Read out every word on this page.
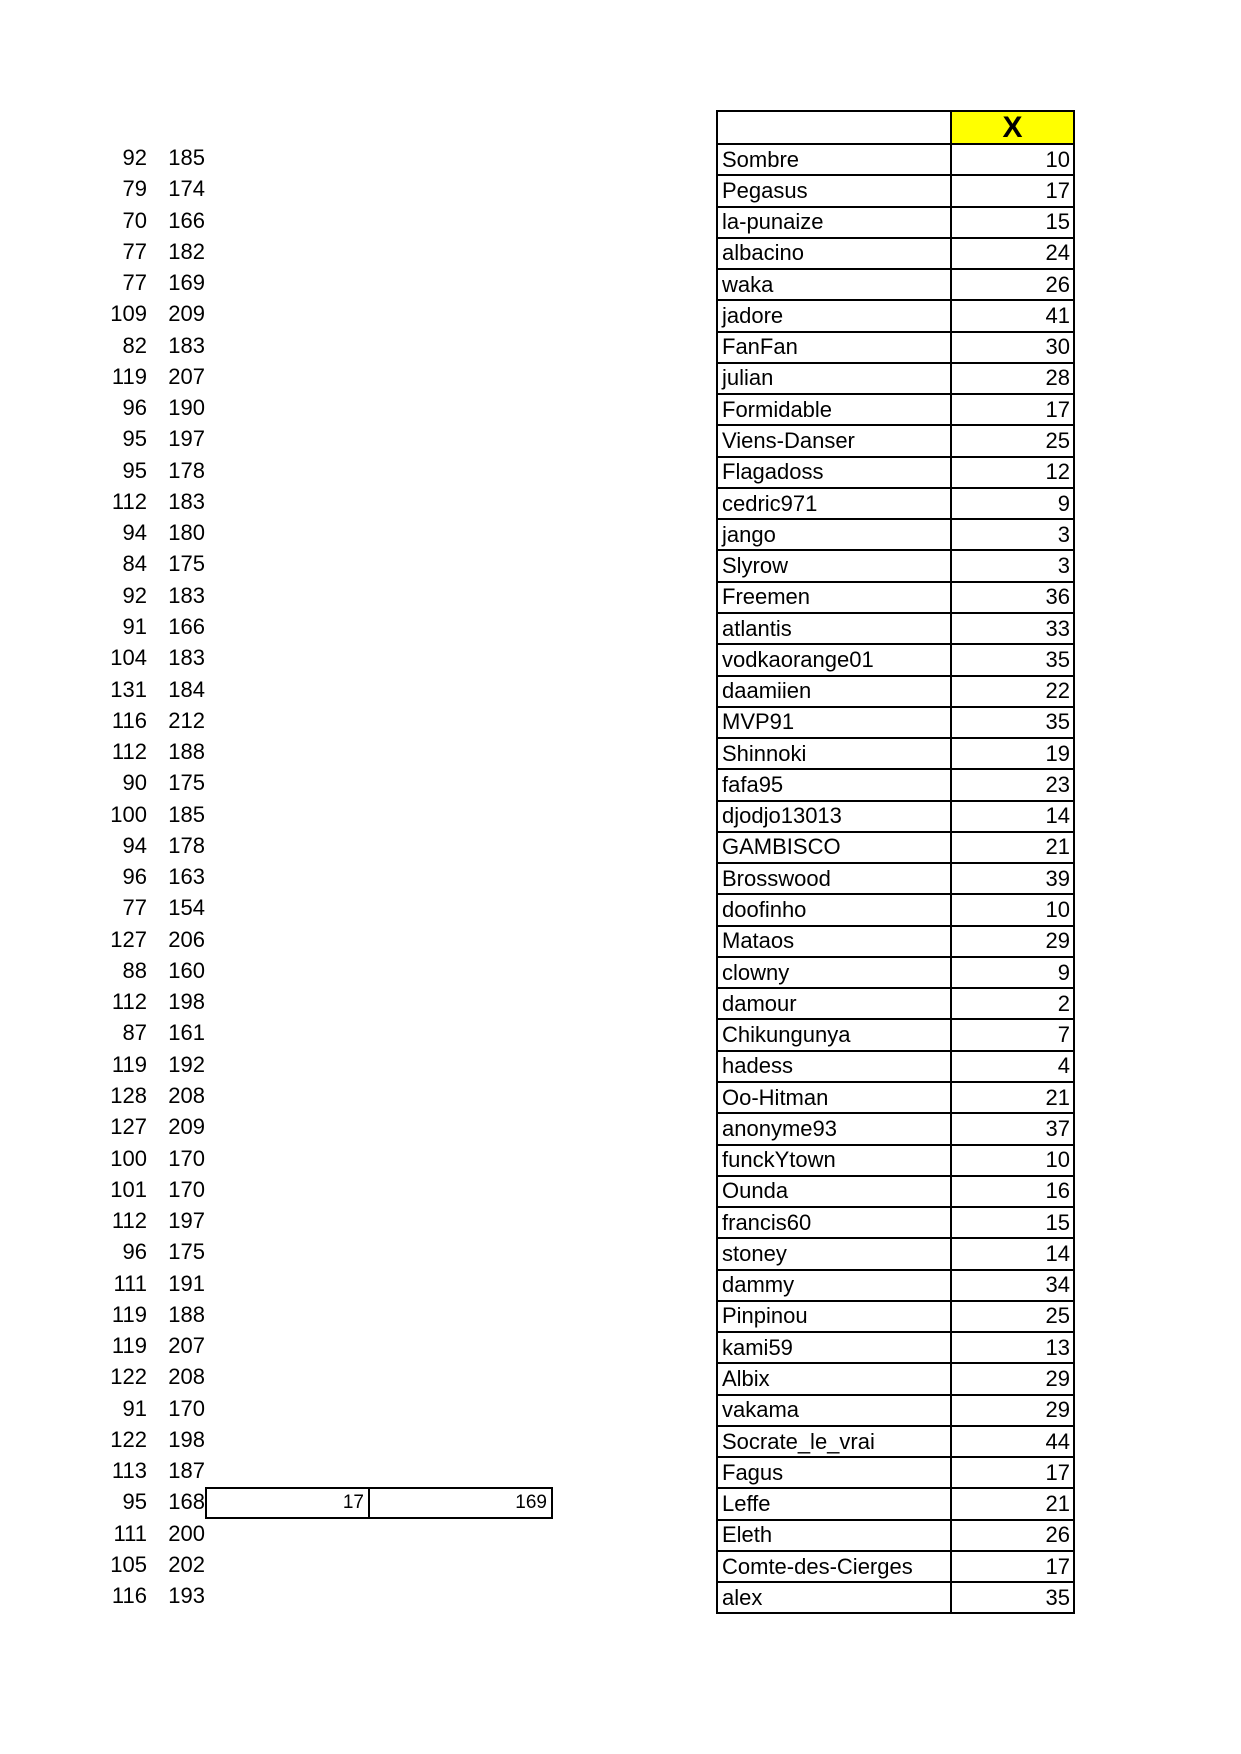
92 185
79 174
70 166
77 182
77 169
109 209
82 183
119 207
96 190
95 197
95 178
112 183
94 180
84 175
92 183
91 166
104 183
131 184
116 212
112 188
90 175
100 185
94 178
96 163
77 154
127 206
88 160
112 198
87 161
119 192
128 208
127 209
100 170
101 170
112 197
96 175
111 191
119 188
119 207
122 208
91 170
122 198
113 187
95 168
111 200
105 202
116 193
17	169
	X
Sombre	10
Pegasus	17
la-punaize	15
albacino	24
waka	26
jadore	41
FanFan	30
julian	28
Formidable	17
Viens-Danser	25
Flagadoss	12
cedric971	9
jango	3
Slyrow	3
Freemen	36
atlantis	33
vodkaorange01	35
daamiien	22
MVP91	35
Shinnoki	19
fafa95	23
djodjo13013	14
GAMBISCO	21
Brosswood	39
doofinho	10
Mataos	29
clowny	9
damour	2
Chikungunya	7
hadess	4
Oo-Hitman	21
anonyme93	37
funckYtown	10
Ounda	16
francis60	15
stoney	14
dammy	34
Pinpinou	25
kami59	13
Albix	29
vakama	29
Socrate_le_vrai	44
Fagus	17
Leffe	21
Eleth	26
Comte-des-Cierges	17
alex	35
